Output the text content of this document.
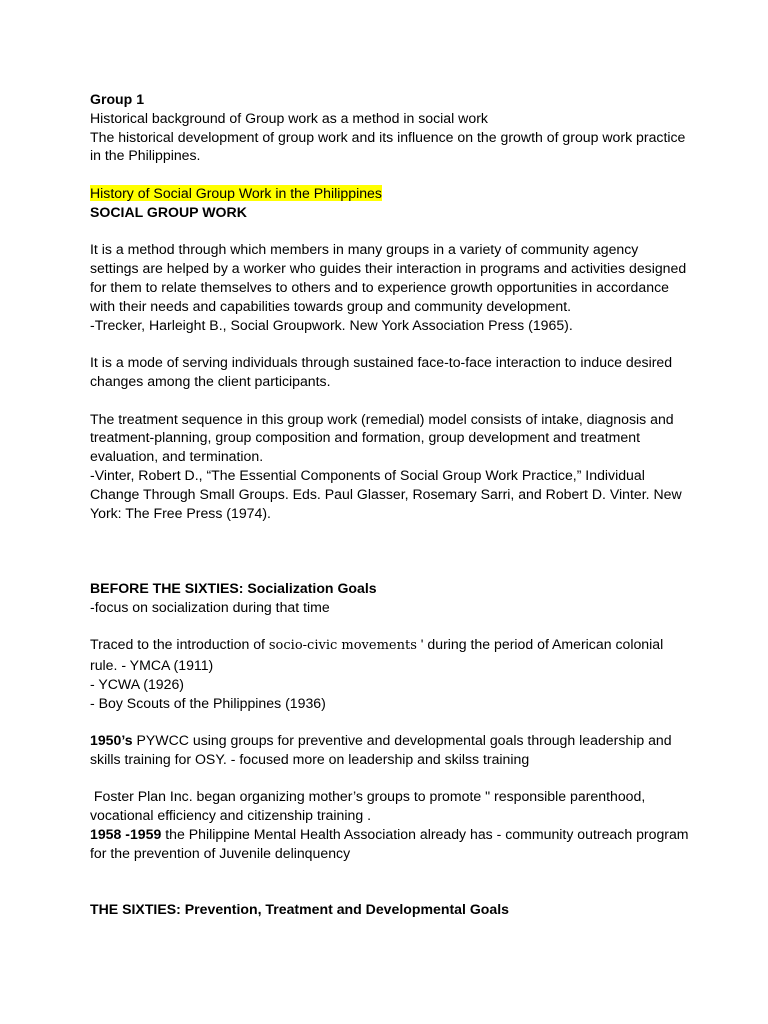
Group 1

Historical background of Group work as a method in social work

The historical development of group work and its influence on the growth of group work practice in the Philippines.

History of Social Group Work in the Philippines

SOCIAL GROUP WORK

It is a method through which members in many groups in a variety of community agency settings are helped by a worker who guides their interaction in programs and activities designed for them to relate themselves to others and to experience growth opportunities in accordance with their needs and capabilities towards group and community development.

-Trecker, Harleight B., Social Groupwork. New York Association Press (1965).

It is a mode of serving individuals through sustained face-to-face interaction to induce desired changes among the client participants.

The treatment sequence in this group work (remedial) model consists of intake, diagnosis and treatment-planning, group composition and formation, group development and treatment evaluation, and termination.

-Vinter, Robert D., “The Essential Components of Social Group Work Practice,” Individual Change Through Small Groups. Eds. Paul Glasser, Rosemary Sarri, and Robert D. Vinter. New York: The Free Press (1974).

BEFORE THE SIXTIES: Socialization Goals

-focus on socialization during that time

Traced to the introduction of socio-civic movements ' during the period of American colonial rule. - YMCA (1911)

- YCWA (1926)

- Boy Scouts of the Philippines (1936)

1950’s PYWCC using groups for preventive and developmental goals through leadership and skills training for OSY. - focused more on leadership and skilss training

Foster Plan Inc. began organizing mother’s groups to promote " responsible parenthood, vocational efficiency and citizenship training .

1958 -1959 the Philippine Mental Health Association already has - community outreach program for the prevention of Juvenile delinquency

THE SIXTIES: Prevention, Treatment and Developmental Goals
